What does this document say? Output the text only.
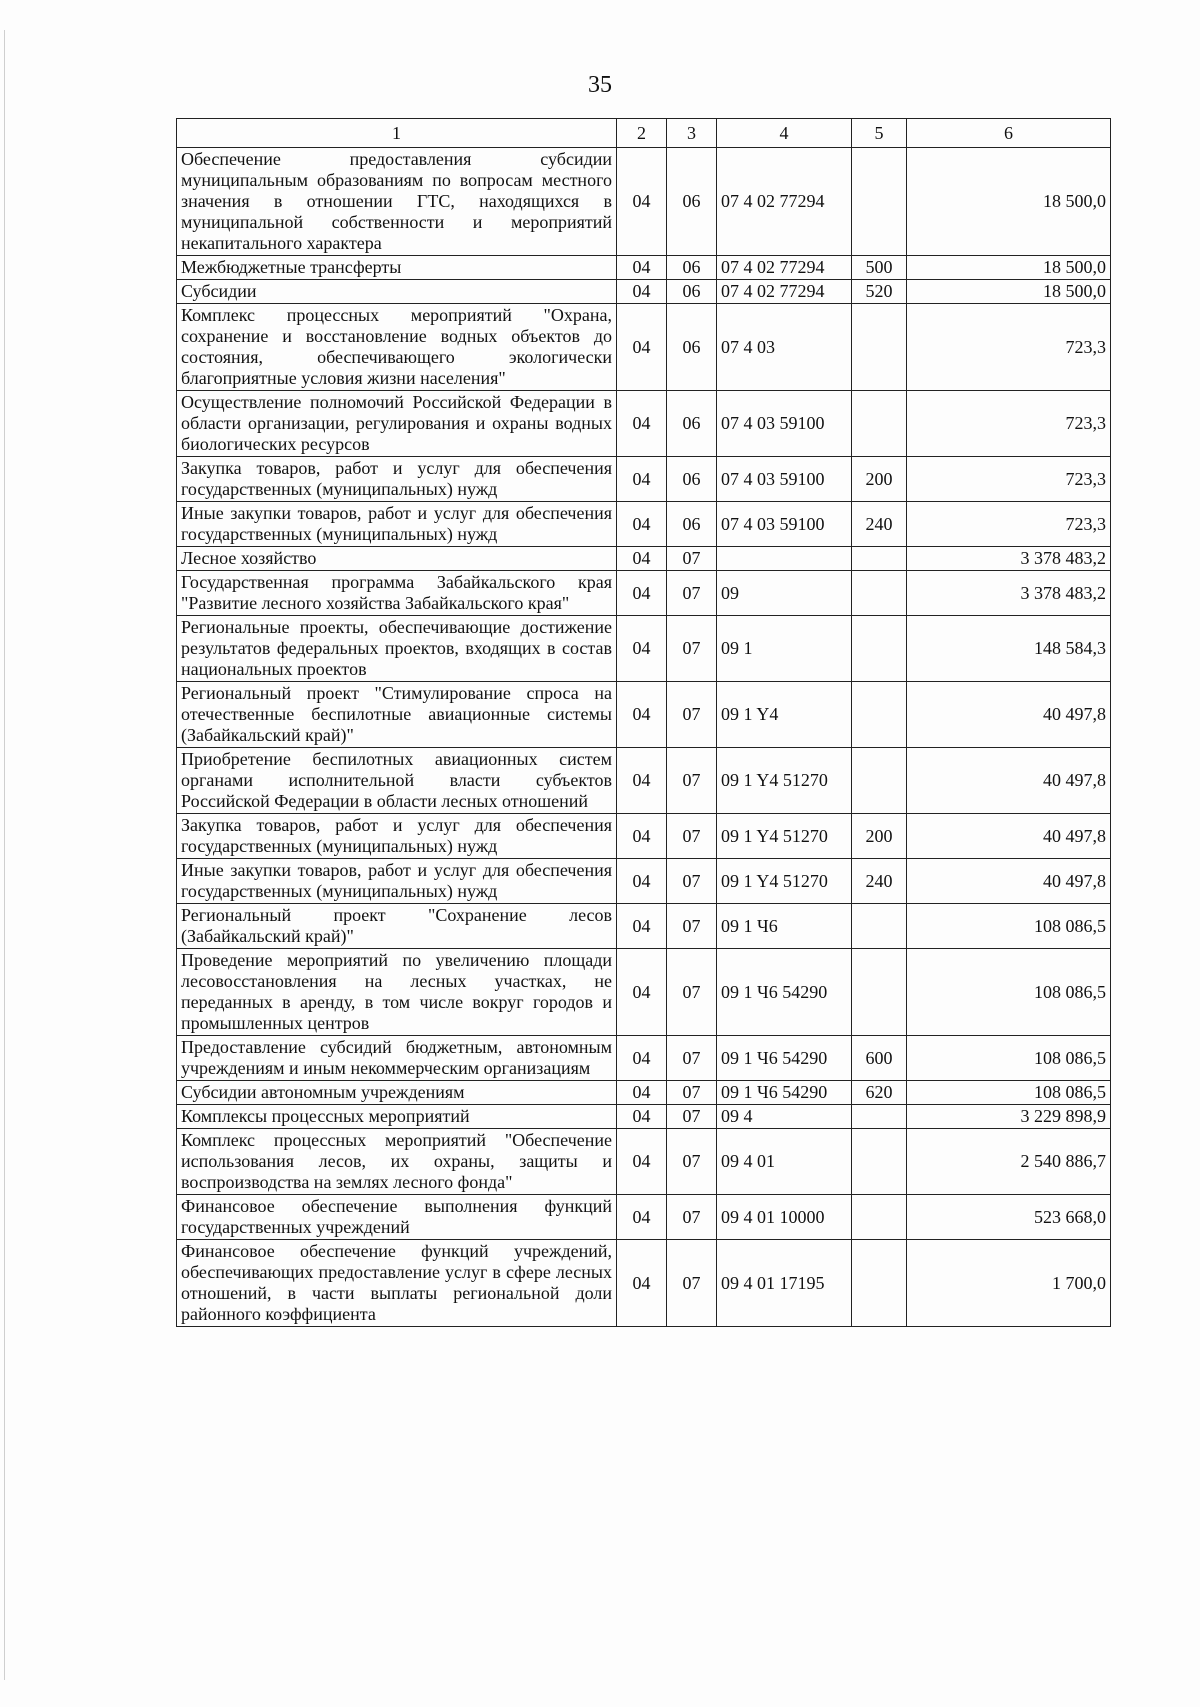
35
1	2	3	4	5	6
Обеспечение предоставления субсидии муниципальным образованиям по вопросам местного значения в отношении ГТС, находящихся в муниципальной собственности и мероприятий некапитального характера	04	06	07 4 02 77294		18 500,0
Межбюджетные трансферты	04	06	07 4 02 77294	500	18 500,0
Субсидии	04	06	07 4 02 77294	520	18 500,0
Комплекс процессных мероприятий "Охрана, сохранение и восстановление водных объектов до состояния, обеспечивающего экологически благоприятные условия жизни населения"	04	06	07 4 03		723,3
Осуществление полномочий Российской Федерации в области организации, регулирования и охраны водных биологических ресурсов	04	06	07 4 03 59100		723,3
Закупка товаров, работ и услуг для обеспечения государственных (муниципальных) нужд	04	06	07 4 03 59100	200	723,3
Иные закупки товаров, работ и услуг для обеспечения государственных (муниципальных) нужд	04	06	07 4 03 59100	240	723,3
Лесное хозяйство	04	07			3 378 483,2
Государственная программа Забайкальского края "Развитие лесного хозяйства Забайкальского края"	04	07	09		3 378 483,2
Региональные проекты, обеспечивающие достижение результатов федеральных проектов, входящих в состав национальных проектов	04	07	09 1		148 584,3
Региональный проект "Стимулирование спроса на отечественные беспилотные авиационные системы (Забайкальский край)"	04	07	09 1 Y4		40 497,8
Приобретение беспилотных авиационных систем органами исполнительной власти субъектов Российской Федерации в области лесных отношений	04	07	09 1 Y4 51270		40 497,8
Закупка товаров, работ и услуг для обеспечения государственных (муниципальных) нужд	04	07	09 1 Y4 51270	200	40 497,8
Иные закупки товаров, работ и услуг для обеспечения государственных (муниципальных) нужд	04	07	09 1 Y4 51270	240	40 497,8
Региональный проект "Сохранение лесов (Забайкальский край)"	04	07	09 1 Ч6		108 086,5
Проведение мероприятий по увеличению площади лесовосстановления на лесных участках, не переданных в аренду, в том числе вокруг городов и промышленных центров	04	07	09 1 Ч6 54290		108 086,5
Предоставление субсидий бюджетным, автономным учреждениям и иным некоммерческим организациям	04	07	09 1 Ч6 54290	600	108 086,5
Субсидии автономным учреждениям	04	07	09 1 Ч6 54290	620	108 086,5
Комплексы процессных мероприятий	04	07	09 4		3 229 898,9
Комплекс процессных мероприятий "Обеспечение использования лесов, их охраны, защиты и воспроизводства на землях лесного фонда"	04	07	09 4 01		2 540 886,7
Финансовое обеспечение выполнения функций государственных учреждений	04	07	09 4 01 10000		523 668,0
Финансовое обеспечение функций учреждений, обеспечивающих предоставление услуг в сфере лесных отношений, в части выплаты региональной доли районного коэффициента	04	07	09 4 01 17195		1 700,0
